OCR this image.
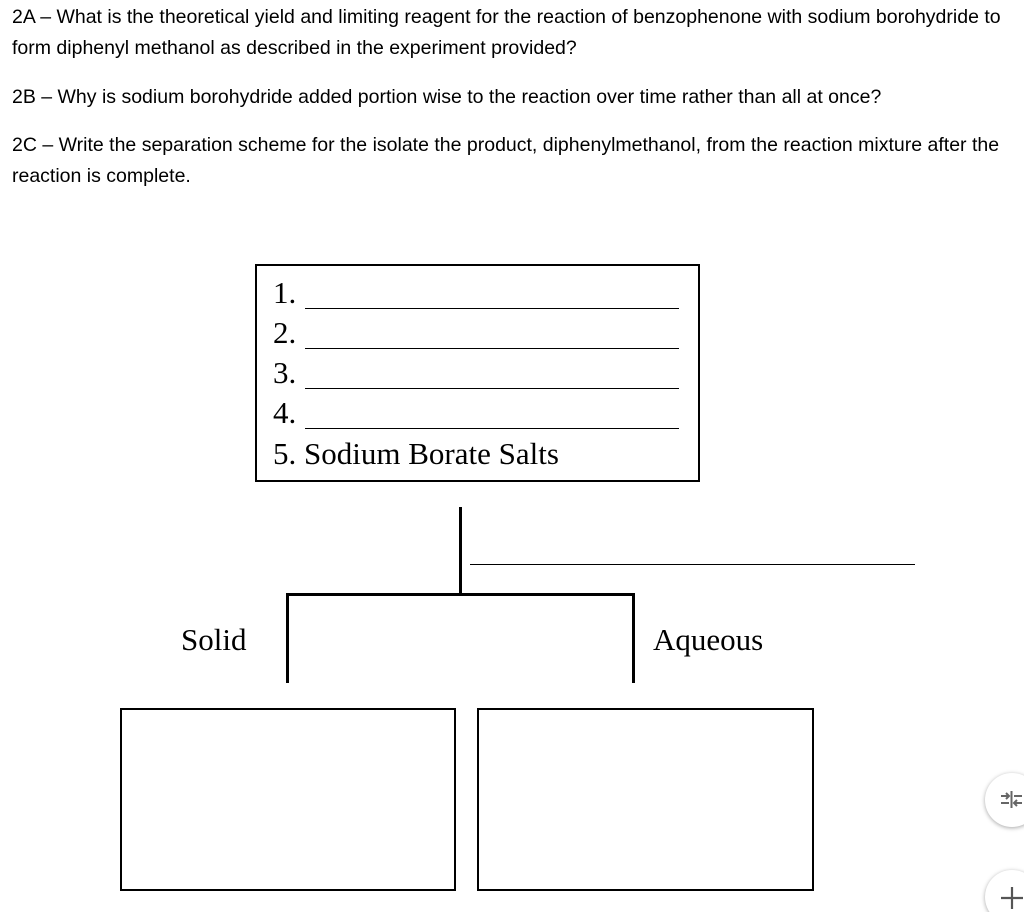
2A – What is the theoretical yield and limiting reagent for the reaction of benzophenone with sodium borohydride to form diphenyl methanol as described in the experiment provided?
2B – Why is sodium borohydride added portion wise to the reaction over time rather than all at once?
2C – Write the separation scheme for the isolate the product, diphenylmethanol, from the reaction mixture after the reaction is complete.
1.
2.
3.
4.
5. Sodium Borate Salts
Solid	Aqueous
